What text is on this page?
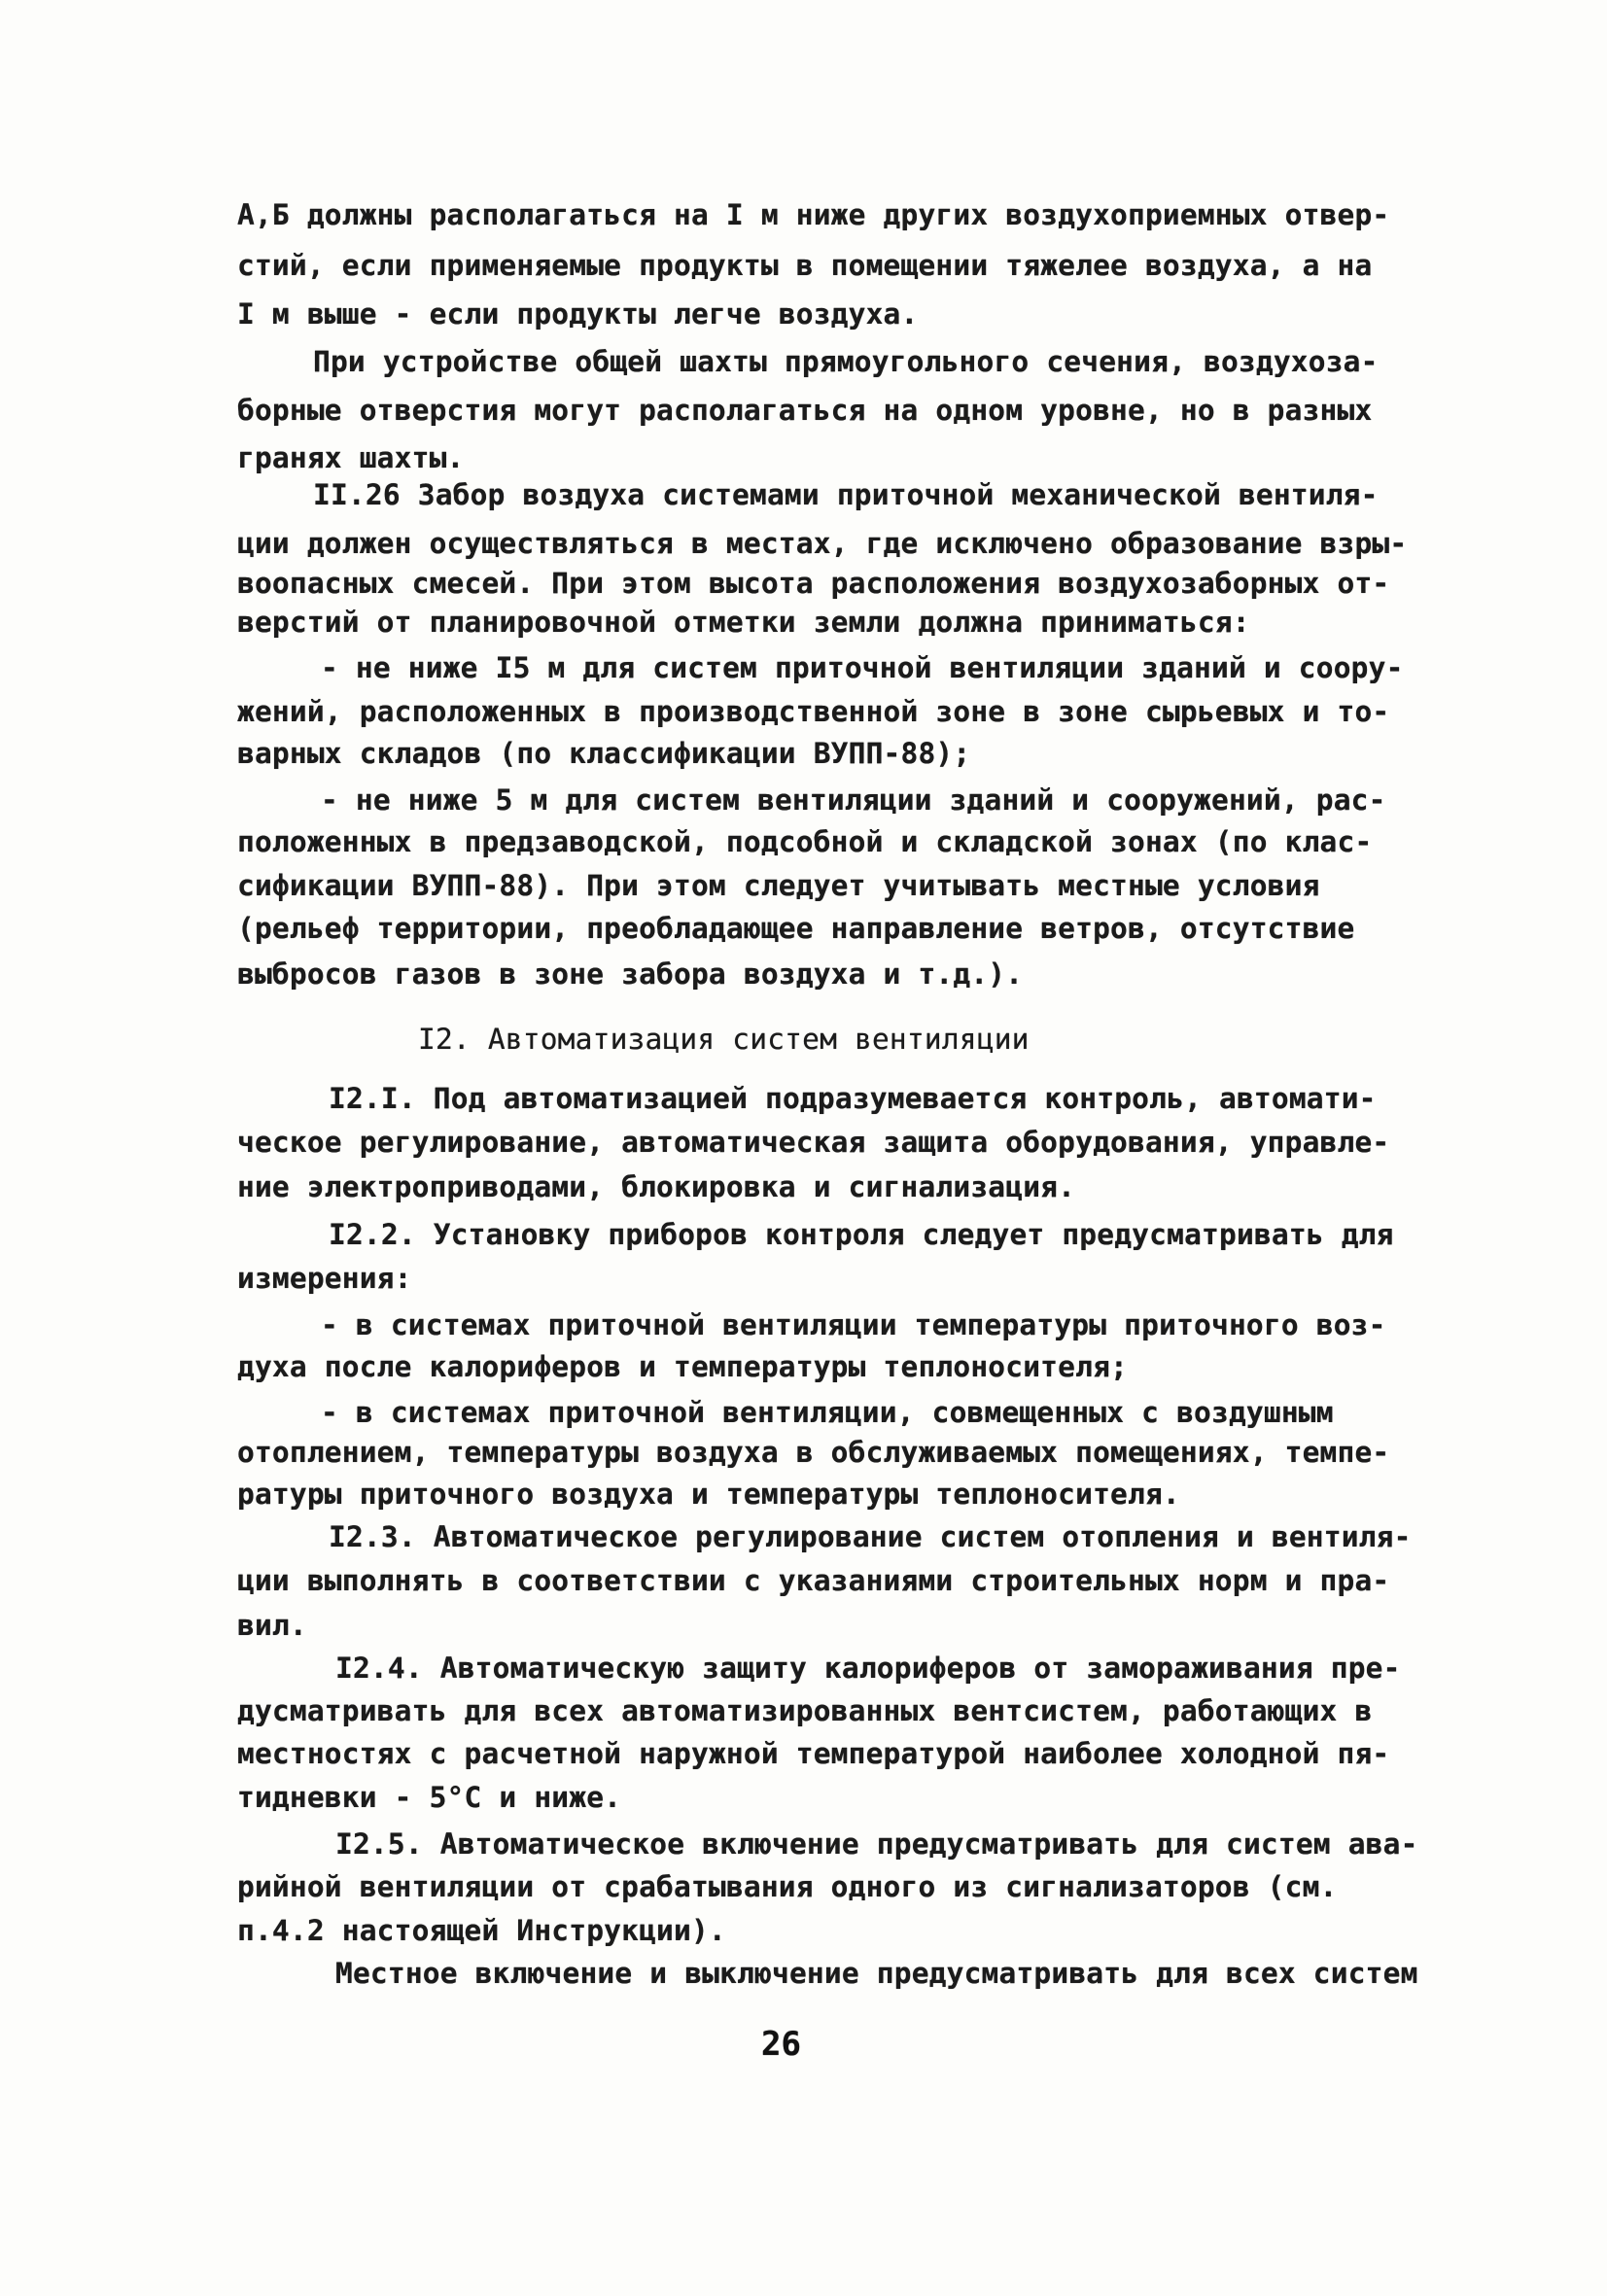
А,Б должны располагаться на I м ниже других воздухоприемных отвер-
стий, если применяемые продукты в помещении тяжелее воздуха, а на
I м выше - если продукты легче воздуха.
При устройстве общей шахты прямоугольного сечения, воздухоза-
борные отверстия могут располагаться на одном уровне, но в разных
гранях шахты.
II.26 Забор воздуха системами приточной механической вентиля-
ции должен осуществляться в местах, где исключено образование взры-
воопасных смесей. При этом высота расположения воздухозаборных от-
верстий от планировочной отметки земли должна приниматься:
- не ниже I5 м для систем приточной вентиляции зданий и соору-
жений, расположенных в производственной зоне в зоне сырьевых и то-
варных складов (по классификации ВУПП-88);
- не ниже 5 м для систем вентиляции зданий и сооружений, рас-
положенных в предзаводской, подсобной и складской зонах (по клас-
сификации ВУПП-88). При этом следует учитывать местные условия
(рельеф территории, преобладающее направление ветров, отсутствие
выбросов газов в зоне забора воздуха и т.д.).
I2. Автоматизация систем вентиляции
I2.I. Под автоматизацией подразумевается контроль, автомати-
ческое регулирование, автоматическая защита оборудования, управле-
ние электроприводами, блокировка и сигнализация.
I2.2. Установку приборов контроля следует предусматривать для
измерения:
- в системах приточной вентиляции температуры приточного воз-
духа после калориферов и температуры теплоносителя;
- в системах приточной вентиляции, совмещенных с воздушным
отоплением, температуры воздуха в обслуживаемых помещениях, темпе-
ратуры приточного воздуха и температуры теплоносителя.
I2.3. Автоматическое регулирование систем отопления и вентиля-
ции выполнять в соответствии с указаниями строительных норм и пра-
вил.
I2.4. Автоматическую защиту калориферов от замораживания пре-
дусматривать для всех автоматизированных вентсистем, работающих в
местностях с расчетной наружной температурой наиболее холодной пя-
тидневки - 5°С и ниже.
I2.5. Автоматическое включение предусматривать для систем ава-
рийной вентиляции от срабатывания одного из сигнализаторов (см.
п.4.2 настоящей Инструкции).
Местное включение и выключение предусматривать для всех систем
26
